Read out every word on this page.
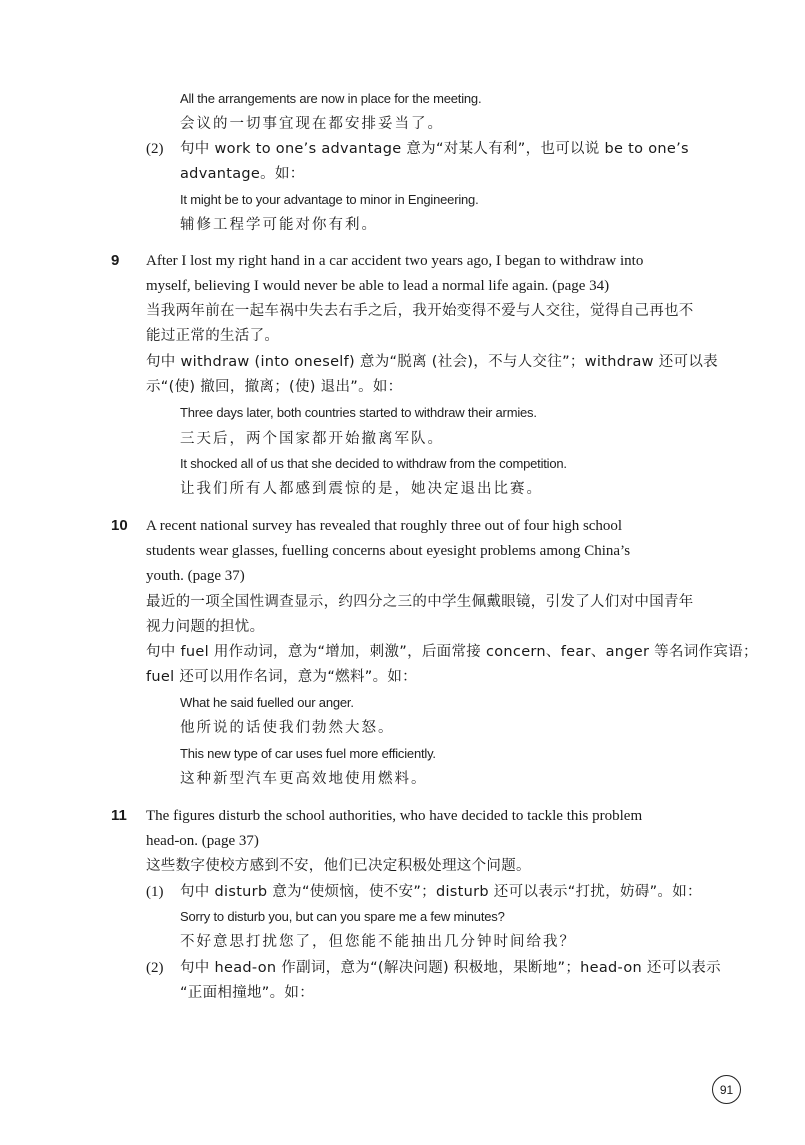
All the arrangements are now in place for the meeting.
会议的一切事宜现在都安排妥当了。
(2) 句中 work to one’s advantage 意为“对某人有利”，也可以说 be to one’s
advantage。如：
It might be to your advantage to minor in Engineering.
辅修工程学可能对你有利。
9 After I lost my right hand in a car accident two years ago, I began to withdraw into
myself, believing I would never be able to lead a normal life again. (page 34)
当我两年前在一起车祸中失去右手之后，我开始变得不爱与人交往，觉得自己再也不
能过正常的生活了。
句中 withdraw (into oneself) 意为“脱离 (社会)，不与人交往”；withdraw 还可以表
示“(使) 撤回，撤离；(使) 退出”。如：
Three days later, both countries started to withdraw their armies.
三天后，两个国家都开始撤离军队。
It shocked all of us that she decided to withdraw from the competition.
让我们所有人都感到震惊的是，她决定退出比赛。
10 A recent national survey has revealed that roughly three out of four high school
students wear glasses, fuelling concerns about eyesight problems among China’s
youth. (page 37)
最近的一项全国性调查显示，约四分之三的中学生佩戴眼镜，引发了人们对中国青年
视力问题的担忧。
句中 fuel 用作动词，意为“增加，刺激”，后面常接 concern、fear、anger 等名词作宾语；
fuel 还可以用作名词，意为“燃料”。如：
What he said fuelled our anger.
他所说的话使我们勃然大怒。
This new type of car uses fuel more efficiently.
这种新型汽车更高效地使用燃料。
11 The figures disturb the school authorities, who have decided to tackle this problem
head-on. (page 37)
这些数字使校方感到不安，他们已决定积极处理这个问题。
(1) 句中 disturb 意为“使烦恼，使不安”；disturb 还可以表示“打扰，妨碍”。如：
Sorry to disturb you, but can you spare me a few minutes?
不好意思打扰您了，但您能不能抽出几分钟时间给我？
(2) 句中 head-on 作副词，意为“(解决问题) 积极地，果断地”；head-on 还可以表示
“正面相撞地”。如：
91
